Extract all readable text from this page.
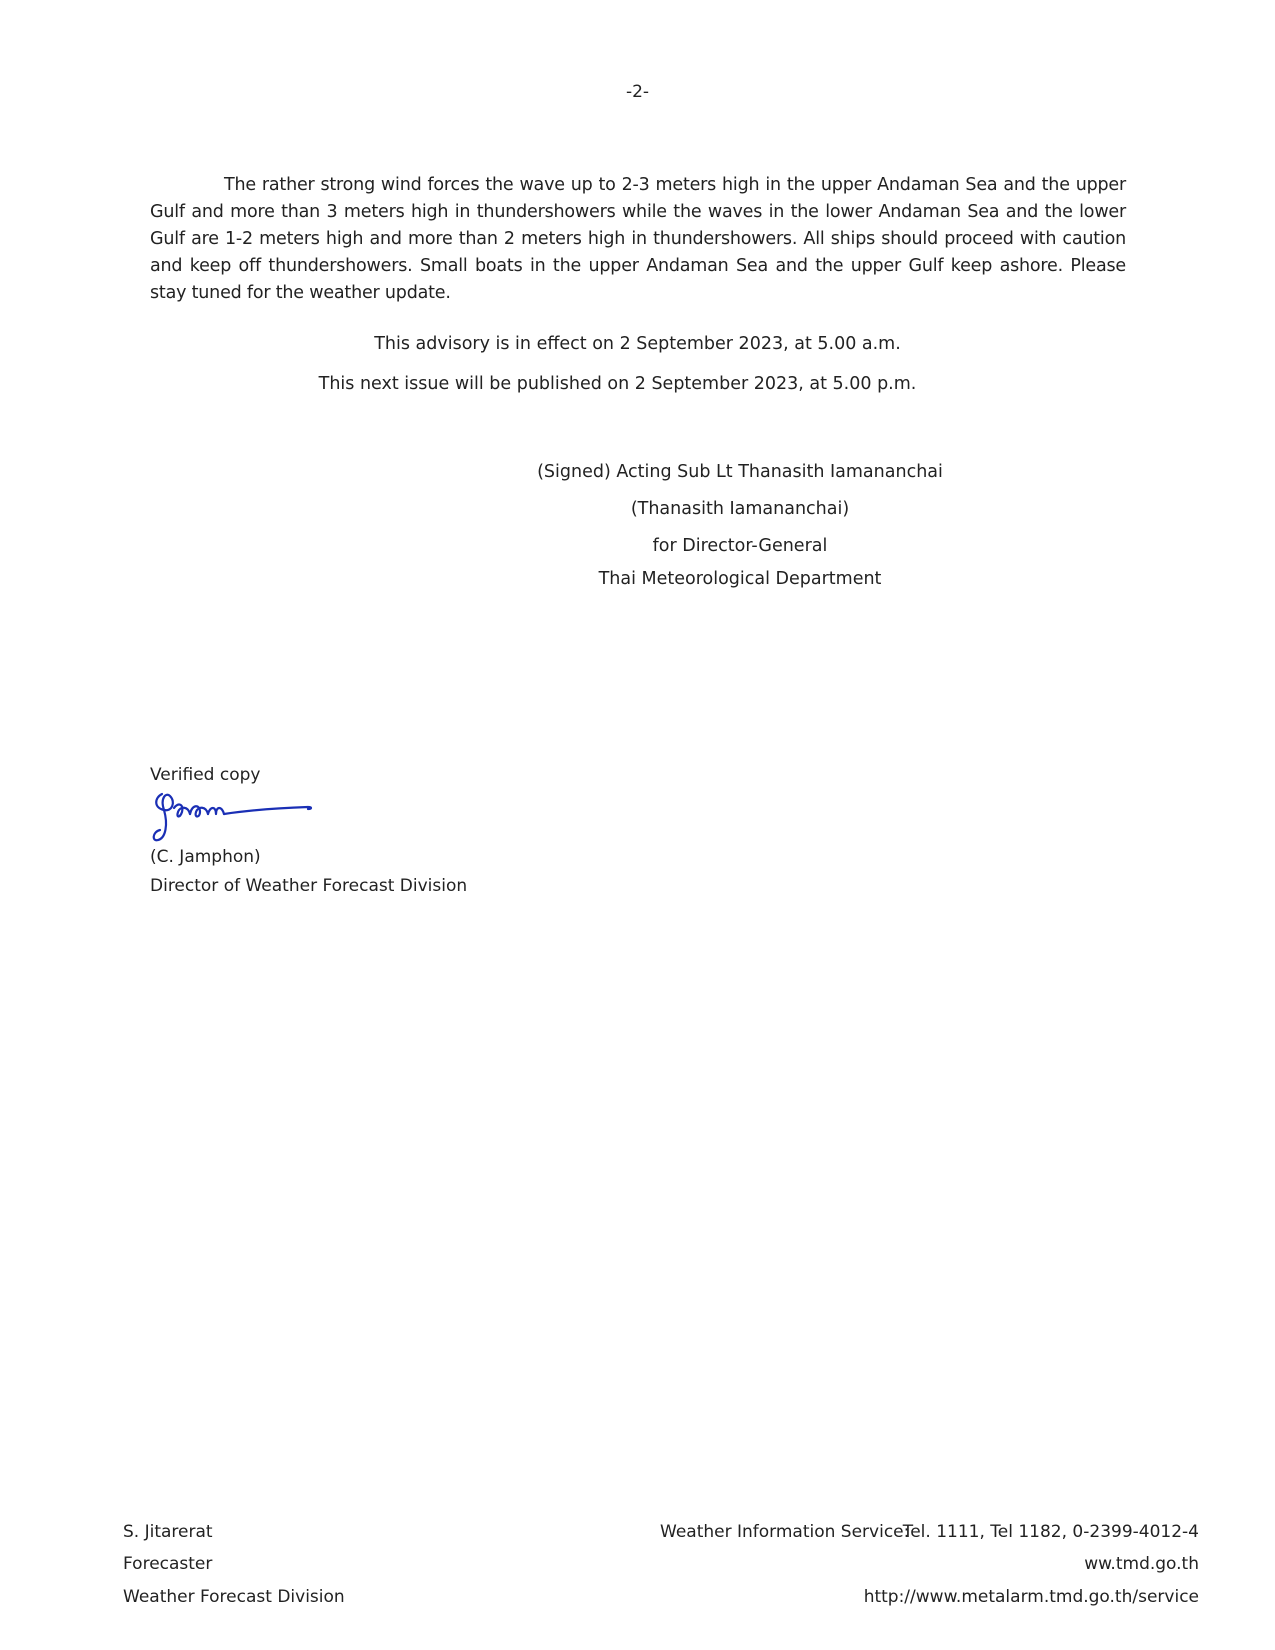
-2-

The rather strong wind forces the wave up to 2-3 meters high in the upper Andaman Sea and the upper Gulf and more than 3 meters high in thundershowers while the waves in the lower Andaman Sea and the lower Gulf are 1-2 meters high and more than 2 meters high in thundershowers. All ships should proceed with caution and keep off thundershowers. Small boats in the upper Andaman Sea and the upper Gulf keep ashore. Please stay tuned for the weather update.

This advisory is in effect on 2 September 2023, at 5.00 a.m.
This next issue will be published on 2 September 2023, at 5.00 p.m.
(Signed) Acting Sub Lt Thanasith Iamananchai
(Thanasith Iamananchai)
for Director-General
Thai Meteorological Department
Verified copy
(C. Jamphon)
Director of Weather Forecast Division
S. Jitarerat
Forecaster
Weather Forecast Division
Weather Information Service:
Tel. 1111, Tel 1182, 0-2399-4012-4
ww.tmd.go.th
http://www.metalarm.tmd.go.th/service
